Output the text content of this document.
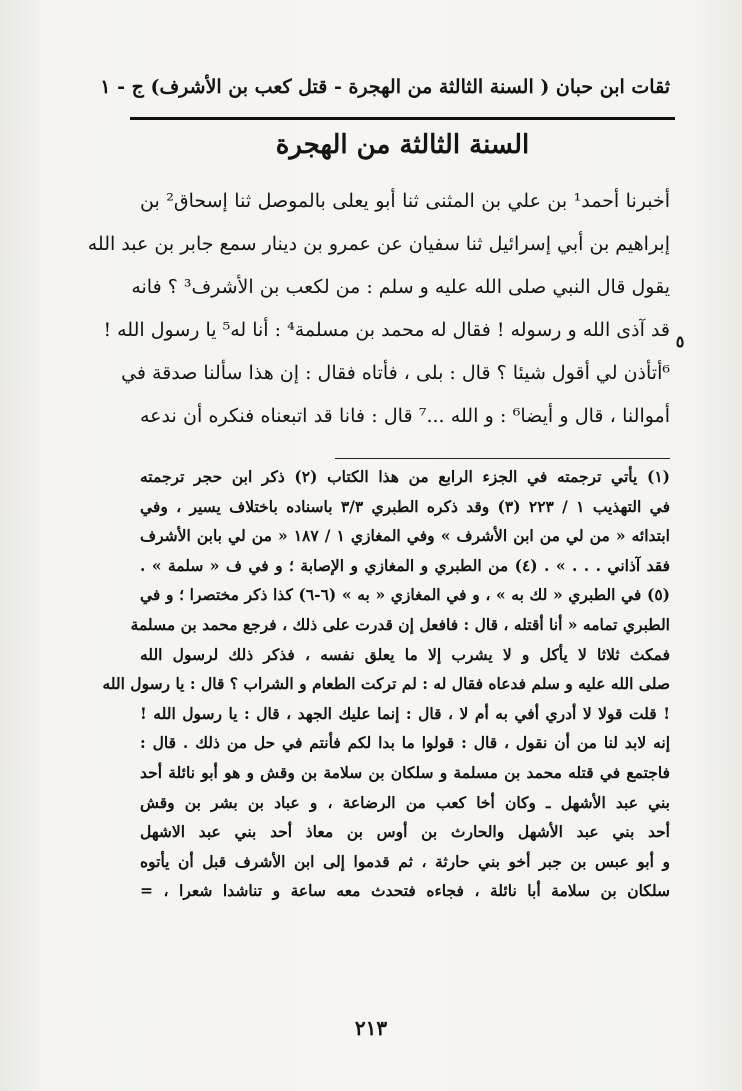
ثقات ابن حبان ( السنة الثالثة من الهجرة - قتل كعب بن الأشرف) ج - ١
السنة الثالثة من الهجرة
أخبرنا أحمد¹ بن علي بن المثنى ثنا أبو يعلى بالموصل ثنا إسحاق² بن
إبراهيم بن أبي إسرائيل ثنا سفيان عن عمرو بن دينار سمع جابر بن عبد الله
يقول قال النبي صلى الله عليه و سلم : من لكعب بن الأشرف³ ؟ فانه
قد آذى الله و رسوله ! فقال له محمد بن مسلمة⁴ : أنا له⁵ يا رسول الله !
⁶أتأذن لي أقول شيئا ؟ قال : بلى ، فأتاه فقال : إن هذا سألنا صدقة في
أموالنا ، قال و أيضا⁶ : و الله ...⁷ قال : فانا قد اتبعناه فنكره أن ندعه
٥
(١) يأتي ترجمته في الجزء الرابع من هذا الكتاب (٢) ذكر ابن حجر ترجمته
في التهذيب ١ / ٢٢٣ (٣) وقد ذكره الطبري ٣/٣ باسناده باختلاف يسير ، وفي
ابتدائه « من لي من ابن الأشرف » وفي المغازي ١ / ١٨٧ « من لي بابن الأشرف
فقد آذاني . . . » . (٤) من الطبري و المغازي و الإصابة ؛ و في ف « سلمة » .
(٥) في الطبري « لك به » ، و في المغازي « به » (٦-٦) كذا ذكر مختصرا ؛ و في
الطبري تمامه « أنا أقتله ، قال : فافعل إن قدرت على ذلك ، فرجع محمد بن مسلمة
فمكث ثلاثا لا يأكل و لا يشرب إلا ما يعلق نفسه ، فذكر ذلك لرسول الله
صلى الله عليه و سلم فدعاه فقال له : لم تركت الطعام و الشراب ؟ قال : يا رسول الله
! قلت قولا لا أدري أفي به أم لا ، قال : إنما عليك الجهد ، قال : يا رسول الله !
إنه لابد لنا من أن نقول ، قال : قولوا ما بدا لكم فأنتم في حل من ذلك . قال :
فاجتمع في قتله محمد بن مسلمة و سلكان بن سلامة بن وقش و هو أبو نائلة أحد
بني عبد الأشهل ـ وكان أخا كعب من الرضاعة ، و عباد بن بشر بن وقش
أحد بني عبد الأشهل والحارث بن أوس بن معاذ أحد بني عبد الاشهل
و أبو عبس بن جبر أخو بني حارثة ، ثم قدموا إلى ابن الأشرف قبل أن يأتوه
سلكان بن سلامة أبا نائلة ، فجاءه فتحدث معه ساعة و تناشدا شعرا ، =
٢١٣
